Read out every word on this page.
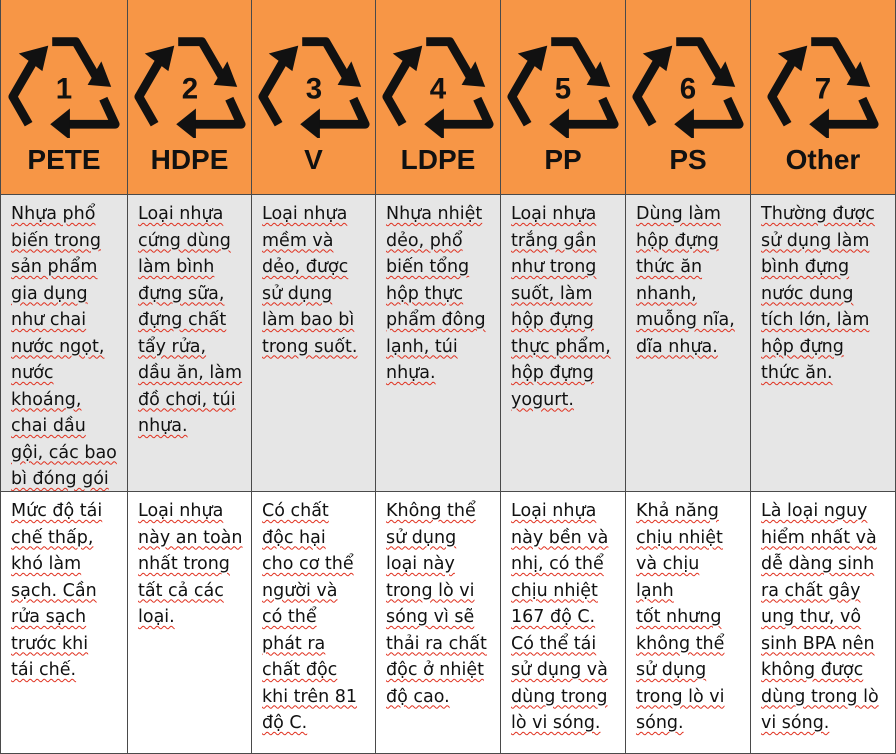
1
PETE
2
HDPE
3
V
4
LDPE
5
PP
6
PS
7
Other
Nhựa phổ
biến trong
sản phẩm
gia dụng
như chai
nước ngọt,
nước
khoáng,
chai dầu
gội, các bao
bì đóng gói
Loại nhựa
cứng dùng
làm bình
đựng sữa,
đựng chất
tẩy rửa,
dầu ăn, làm
đồ chơi, túi
nhựa.
Loại nhựa
mềm và
dẻo, được
sử dụng
làm bao bì
trong suốt.
Nhựa nhiệt
dẻo, phổ
biến tổng
hộp thực
phẩm đông
lạnh, túi
nhựa.
Loại nhựa
trắng gần
như trong
suốt, làm
hộp đựng
thực phẩm,
hộp đựng
yogurt.
Dùng làm
hộp đựng
thức ăn
nhanh,
muỗng nĩa,
dĩa nhựa.
Thường được
sử dụng làm
bình đựng
nước dung
tích lớn, làm
hộp đựng
thức ăn.
Mức độ tái
chế thấp,
khó làm
sạch. Cần
rửa sạch
trước khi
tái chế.
Loại nhựa
này an toàn
nhất trong
tất cả các
loại.
Có chất
độc hại
cho cơ thể
người và
có thể
phát ra
chất độc
khi trên 81
độ C.
Không thể
sử dụng
loại này
trong lò vi
sóng vì sẽ
thải ra chất
độc ở nhiệt
độ cao.
Loại nhựa
này bền và
nhị, có thể
chịu nhiệt
167 độ C.
Có thể tái
sử dụng và
dùng trong
lò vi sóng.
Khả năng
chịu nhiệt
và chịu lạnh
tốt nhưng
không thể
sử dụng
trong lò vi
sóng.
Là loại nguy
hiểm nhất và
dễ dàng sinh
ra chất gây
ung thư, vô
sinh BPA nên
không được
dùng trong lò
vi sóng.
